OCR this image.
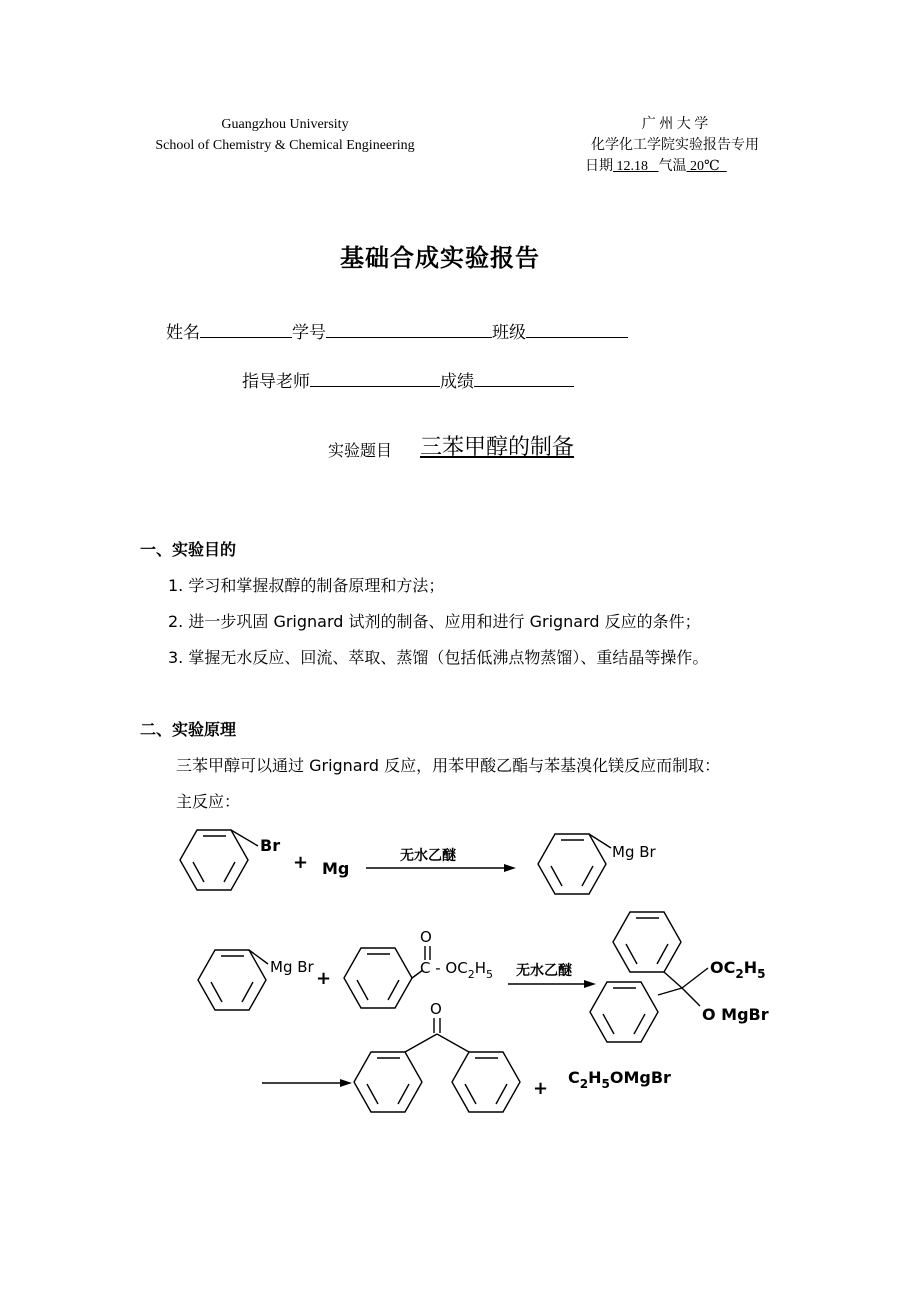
Guangzhou University
School of Chemistry & Chemical Engineering
广 州 大 学
化学化工学院实验报告专用
日期 12.18 气温 20℃
基础合成实验报告
姓名	学号	班级
指导老师	成绩
实验题目 三苯甲醇的制备
一、实验目的
1. 学习和掌握叔醇的制备原理和方法；
2. 进一步巩固 Grignard 试剂的制备、应用和进行 Grignard 反应的条件；
3. 掌握无水反应、回流、萃取、蒸馏（包括低沸点物蒸馏）、重结晶等操作。
二、实验原理
三苯甲醇可以通过 Grignard 反应，用苯甲酸乙酯与苯基溴化镁反应而制取：
主反应：
Br
+ Mg
无水乙醚	Mg Br
Mg Br
+
O
C - $OC_2H_5$ 无水乙醚	$OC_2H_5$
O MgBr
O
+
$C_2H_5OMgBr$
